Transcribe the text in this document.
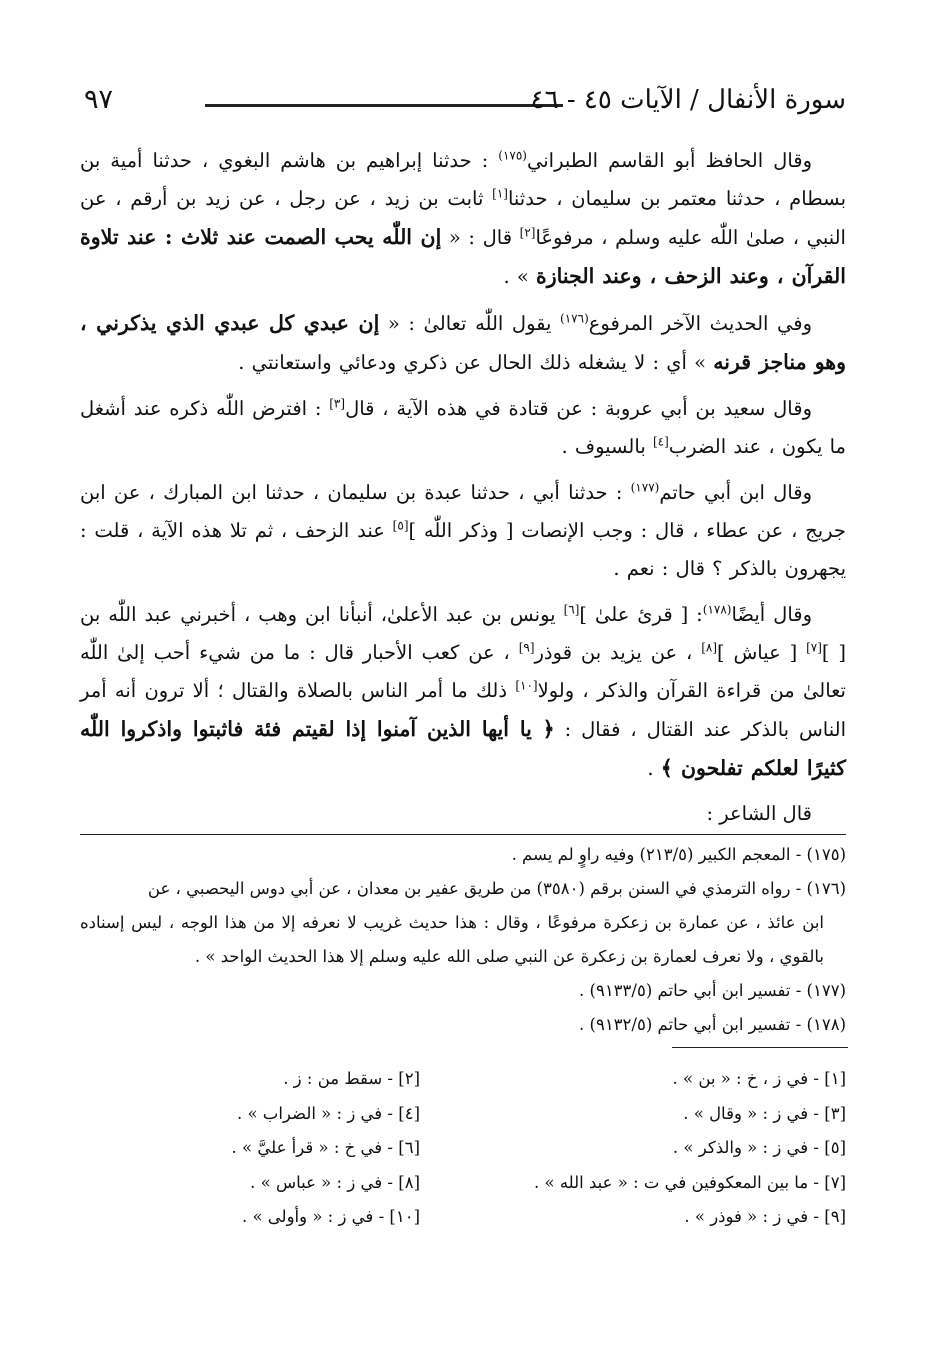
٩٧	سورة الأنفال / الآيات ٤٥ - ٤٦

وقال الحافظ أبو القاسم الطبراني$^{(١٧٥)}$ : حدثنا إبراهيم بن هاشم البغوي ، حدثنا أمية بن بسطام ، حدثنا معتمر بن سليمان ، حدثنا[١] ثابت بن زيد ، عن رجل ، عن زيد بن أرقم ، عن النبي ، صلىٰ اللّٰه عليه وسلم ، مرفوعًا[٢] قال : « إن اللّٰه يحب الصمت عند ثلاث : عند تلاوة القرآن ، وعند الزحف ، وعند الجنازة » .

وفي الحديث الآخر المرفوع$^{(١٧٦)}$ يقول اللّٰه تعالىٰ : « إن عبدي كل عبدي الذي يذكرني ، وهو مناجز قرنه » أي : لا يشغله ذلك الحال عن ذكري ودعائي واستعانتي .

وقال سعيد بن أبي عروبة : عن قتادة في هذه الآية ، قال[٣] : افترض اللّٰه ذكره عند أشغل ما يكون ، عند الضرب[٤] بالسيوف .

وقال ابن أبي حاتم$^{(١٧٧)}$ : حدثنا أبي ، حدثنا عبدة بن سليمان ، حدثنا ابن المبارك ، عن ابن جريج ، عن عطاء ، قال : وجب الإنصات [ وذكر اللّٰه ][٥] عند الزحف ، ثم تلا هذه الآية ، قلت : يجهرون بالذكر ؟ قال : نعم .

وقال أيضًا$^{(١٧٨)}$: [ قرئ علىٰ ][٦] يونس بن عبد الأعلىٰ، أنبأنا ابن وهب ، أخبرني عبد اللّٰه بن [ ][٧] [ عياش ][٨] ، عن يزيد بن قوذر[٩] ، عن كعب الأحبار قال : ما من شيء أحب إلىٰ اللّٰه تعالىٰ من قراءة القرآن والذكر ، ولولا[١٠] ذلك ما أمر الناس بالصلاة والقتال ؛ ألا ترون أنه أمر الناس بالذكر عند القتال ، فقال : ﴿ يا أيها الذين آمنوا إذا لقيتم فئة فاثبتوا واذكروا اللّٰه كثيرًا لعلكم تفلحون ﴾ .

قال الشاعر :

(١٧٥) - المعجم الكبير (٢١٣/٥) وفيه راوٍ لم يسم .

(١٧٦) - رواه الترمذي في السنن برقم (٣٥٨٠) من طريق عفير بن معدان ، عن أبي دوس اليحصبي ، عن

ابن عائذ ، عن عمارة بن زعكرة مرفوعًا ، وقال : هذا حديث غريب لا نعرفه إلا من هذا الوجه ، ليس إسناده بالقوي ، ولا نعرف لعمارة بن زعكرة عن النبي صلى الله عليه وسلم إلا هذا الحديث الواحد » .

(١٧٧) - تفسير ابن أبي حاتم (٩١٣٣/٥) .

(١٧٨) - تفسير ابن أبي حاتم (٩١٣٢/٥) .

[١] - في ز ، خ : « بن » .
[٢] - سقط من : ز .
[٣] - في ز : « وقال » .
[٤] - في ز : « الضراب » .
[٥] - في ز : « والذكر » .
[٦] - في خ : « قرأ عليَّ » .
[٧] - ما بين المعكوفين في ت : « عبد الله » .
[٨] - في ز : « عباس » .
[٩] - في ز : « فوذر » .
[١٠] - في ز : « وأولى » .
